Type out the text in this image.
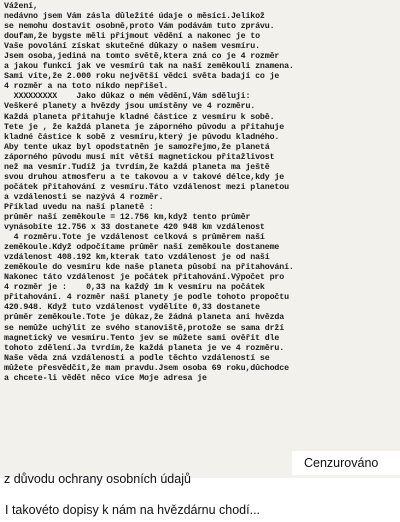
Vážení,
nedávno jsem Vám zásla důležité údaje o měsíci.Jelikož
se nemohu dostavit osobně,proto Vám podávám tuto zprávu.
doufam,že bygste měli přijmout vědění a nakonec je to
Vaše povolání získat skutečné důkazy o našem vesmíru.
Jsem osoba,jediná na tomto světě,ktera zná co je 4 rozměr
a jakou funkci jak ve vesmírů tak na naší zeměkouli znamena.
Sami víte,že 2.000 roku největší vědci světa badají co je
4 rozměr a na toto nikdo nepřišel.
XXXXXXXXX    Jako důkaz o mém vědění,Vám sděluji:
Veškeré planety a hvězdy jsou umístěny ve 4 rozměru.
Každá planeta přitahuje kladné částice z vesmíru k sobě.
Tete je , že každá planeta je záporného původu a přitahuje
kladné částice k sobě z vesmíru,který je původu kladného.
Aby tente ukaz byl opodstatněn je samozřejmo,že planetá
záporného původu musí mít větší magnetickou přitažlivost
než ma vesmír.Tudíž ja tvrdím,že každá planeta ma ještě
svou druhou atmosferu a te takovou a v takové délce,kdy je
počátek přitahování z vesmíru.Táto vzdálenost mezi planetou
a vzdálenosti se nazývá 4 rozměr.
Příklad uvedu na naší planetě :
průměr naší zeměkoule = 12.756 km,když tento průměr
vynásobíte 12.756 x 33 dostanete 420 948 km vzdálenost
4 rozměru.Tote je vzdálenost celková s průměrem naší
zeměkoule.Když odpočítame průměr naší zeměkoule dostaneme
vzdálenost 408.192 km,kterak tato vzdálenost je od naší
zeměkoule do vesmíru kde naše planeta působí na přitahování.
Nakonec táto vzdálenost je počátek přitahování.Výpočet pro
4 rozměr je :    0,33 na každý 1m k vesmíru na počátek
přitahování. 4 rozměr naší planety je podle tohoto propočtu
420.948. Když tuto vzdálenost vydělíte 0,33 dostanete
průměr zeměkoule.Tote je důkaz,že žádná planeta ani hvězda
se nemůže uchýlit ze svého stanoviště,protože se sama drží
magnetický ve vesmíru.Tento jev se můžete sami ověřit dle
tohoto zdělení.Ja tvrdím,že každá planeta je ve 4 rozměru.
Naše věda zná vzdálenosti a podle těchto vzdáleností se
můžete přesvědčit,že mam pravdu.Jsem osoba 69 roku,důchodce
a chcete-li vědět něco více Moje adresa je
Cenzurováno
z důvodu ochrany osobních údajů
I takovéto dopisy k nám na hvězdárnu chodí...
